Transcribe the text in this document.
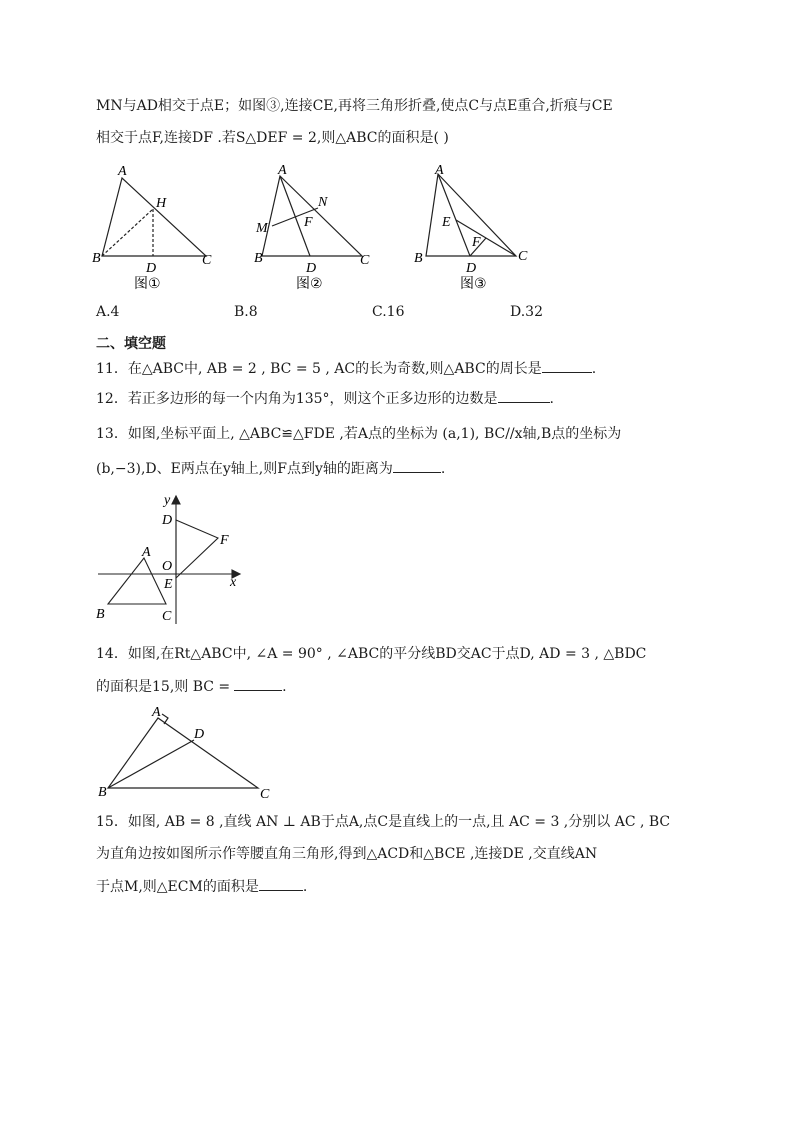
MN与AD相交于点E；如图③,连接CE,再将三角形折叠,使点C与点E重合,折痕与CE
相交于点F,连接DF .若S△DEF = 2,则△ABC的面积是( )
A
H
B
D
C
图①
A
N
M	F
B
D
C
图②
A
E
F
B
D
C
图③
A.4	B.8	C.16	D.32
二、填空题
11．在△ABC中, AB = 2 , BC = 5 , AC的长为奇数,则△ABC的周长是	.
12．若正多边形的每一个内角为135°，则这个正多边形的边数是	.
13．如图,坐标平面上, △ABC≌△FDE ,若A点的坐标为 (a,1), BC//x轴,B点的坐标为
(b,−3),D、E两点在y轴上,则F点到y轴的距离为	.
y
x
D
F
A
O
E
B	C
14．如图,在Rt△ABC中, ∠A = 90° , ∠ABC的平分线BD交AC于点D, AD = 3 , △BDC
的面积是15,则 BC =	.
A
D
B	C
15．如图, AB = 8 ,直线 AN ⊥ AB于点A,点C是直线上的一点,且 AC = 3 ,分别以 AC , BC
为直角边按如图所示作等腰直角三角形,得到△ACD和△BCE ,连接DE ,交直线AN
于点M,则△ECM的面积是	.
